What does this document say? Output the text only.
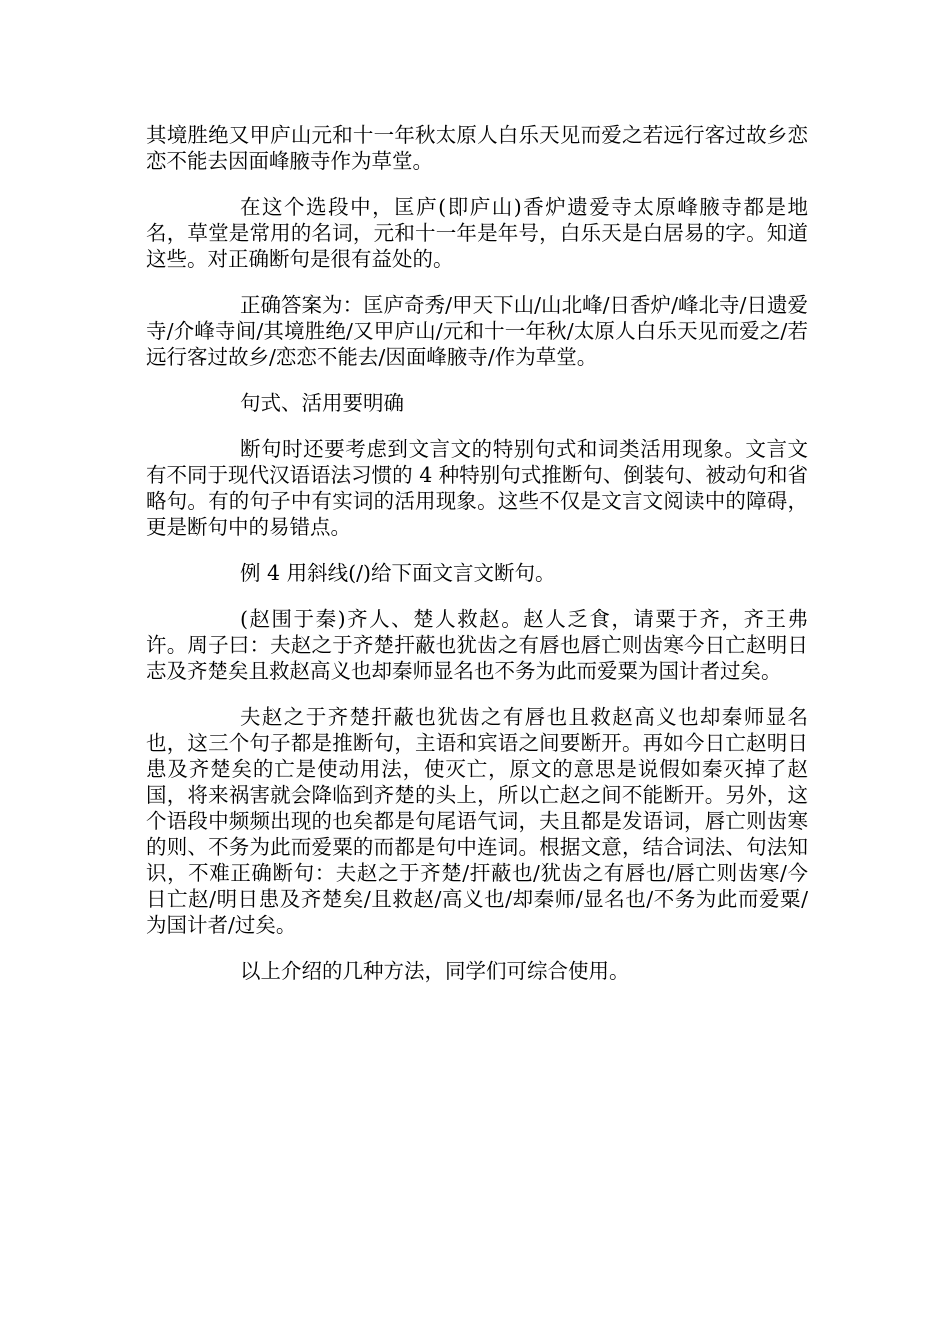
其境胜绝又甲庐山元和十一年秋太原人白乐天见而爱之若远行客过故乡恋恋不能去因面峰腋寺作为草堂。

在这个选段中，匡庐(即庐山)香炉遗爱寺太原峰腋寺都是地名，草堂是常用的名词，元和十一年是年号，白乐天是白居易的字。知道这些。对正确断句是很有益处的。

正确答案为：匡庐奇秀/甲天下山/山北峰/日香炉/峰北寺/日遗爱寺/介峰寺间/其境胜绝/又甲庐山/元和十一年秋/太原人白乐天见而爱之/若远行客过故乡/恋恋不能去/因面峰腋寺/作为草堂。

句式、活用要明确

断句时还要考虑到文言文的特别句式和词类活用现象。文言文有不同于现代汉语语法习惯的 4 种特别句式推断句、倒装句、被动句和省略句。有的句子中有实词的活用现象。这些不仅是文言文阅读中的障碍，更是断句中的易错点。

例 4 用斜线(/)给下面文言文断句。

(赵围于秦)齐人、楚人救赵。赵人乏食，请粟于齐，齐王弗许。周子曰：夫赵之于齐楚扞蔽也犹齿之有唇也唇亡则齿寒今日亡赵明日志及齐楚矣且救赵高义也却秦师显名也不务为此而爱粟为国计者过矣。

夫赵之于齐楚扞蔽也犹齿之有唇也且救赵高义也却秦师显名也，这三个句子都是推断句，主语和宾语之间要断开。再如今日亡赵明日患及齐楚矣的亡是使动用法，使灭亡，原文的意思是说假如秦灭掉了赵国，将来祸害就会降临到齐楚的头上，所以亡赵之间不能断开。另外，这个语段中频频出现的也矣都是句尾语气词，夫且都是发语词，唇亡则齿寒的则、不务为此而爱粟的而都是句中连词。根据文意，结合词法、句法知识，不难正确断句：夫赵之于齐楚/扞蔽也/犹齿之有唇也/唇亡则齿寒/今日亡赵/明日患及齐楚矣/且救赵/高义也/却秦师/显名也/不务为此而爱粟/为国计者/过矣。

以上介绍的几种方法，同学们可综合使用。
